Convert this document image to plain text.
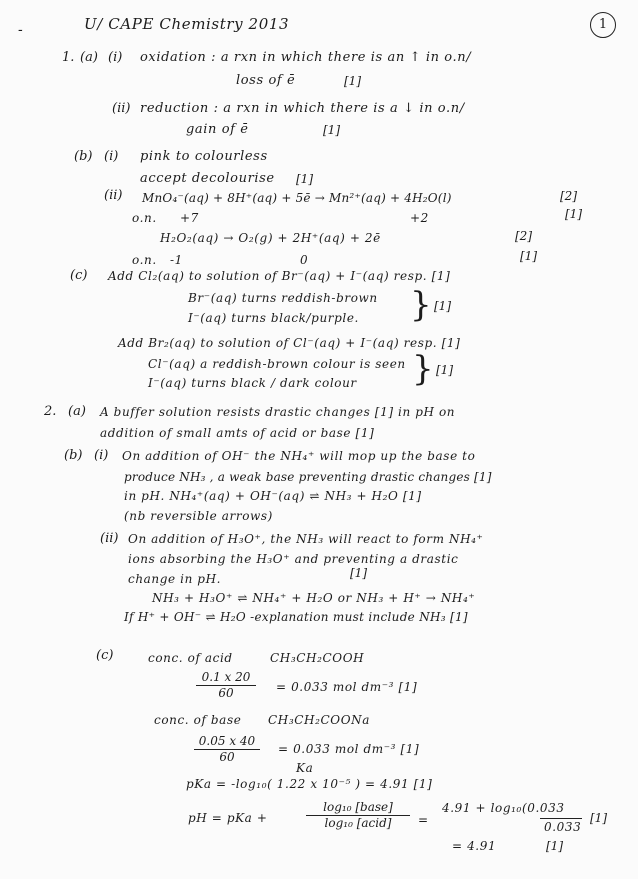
-	U/ CAPE Chemistry 2013	1
1. (a) (i) oxidation : a rxn in which there is an ↑ in o.n/
loss of ē	[1]
(ii) reduction : a rxn in which there is a ↓ in o.n/
gain of ē	[1]
(b) (i) pink to colourless
accept decolourise [1]
(ii) MnO₄⁻(aq) + 8H⁺(aq) + 5ē → Mn²⁺(aq) + 4H₂O(l)	[2]
o.n. +7	+2	[1]
H₂O₂(aq) → O₂(g) + 2H⁺(aq) + 2ē	[2]
o.n. -1	0	[1]
(c) Add Cl₂(aq) to solution of Br⁻(aq) + I⁻(aq) resp. [1]
Br⁻(aq) turns reddish-brown
I⁻(aq) turns black/purple. } [1]
Add Br₂(aq) to solution of Cl⁻(aq) + I⁻(aq) resp. [1]
Cl⁻(aq) a reddish-brown colour is seen
I⁻(aq) turns black / dark colour } [1]
2. (a) A buffer solution resists drastic changes [1] in pH on
addition of small amts of acid or base [1]
(b) (i) On addition of OH⁻ the NH₄⁺ will mop up the base to
produce NH₃ , a weak base preventing drastic changes [1]
in pH. NH₄⁺(aq) + OH⁻(aq) ⇌ NH₃ + H₂O [1]
(nb reversible arrows)
(ii) On addition of H₃O⁺, the NH₃ will react to form NH₄⁺
ions absorbing the H₃O⁺ and preventing a drastic
change in pH.	[1]
NH₃ + H₃O⁺ ⇌ NH₄⁺ + H₂O or NH₃ + H⁺ → NH₄⁺
If H⁺ + OH⁻ ⇌ H₂O -explanation must include NH₃ [1]
(c)	conc. of acid	CH₃CH₂COOH
$\frac{0.1 x 20}{60} = 0.033$ mol dm⁻³ [1]
conc. of base CH₃CH₂COONa
$\frac{0.05 x 40}{60} = 0.033$ mol dm⁻³ [1]
Ka
pKa = -log₁₀( 1.22 x 10⁻⁵ ) = 4.91 [1]
pH = pKa +
log₁₀ [base]
log₁₀ [acid]	=
4.91 + log₁₀(0.033
0.033
[1]
= 4.91	[1]
